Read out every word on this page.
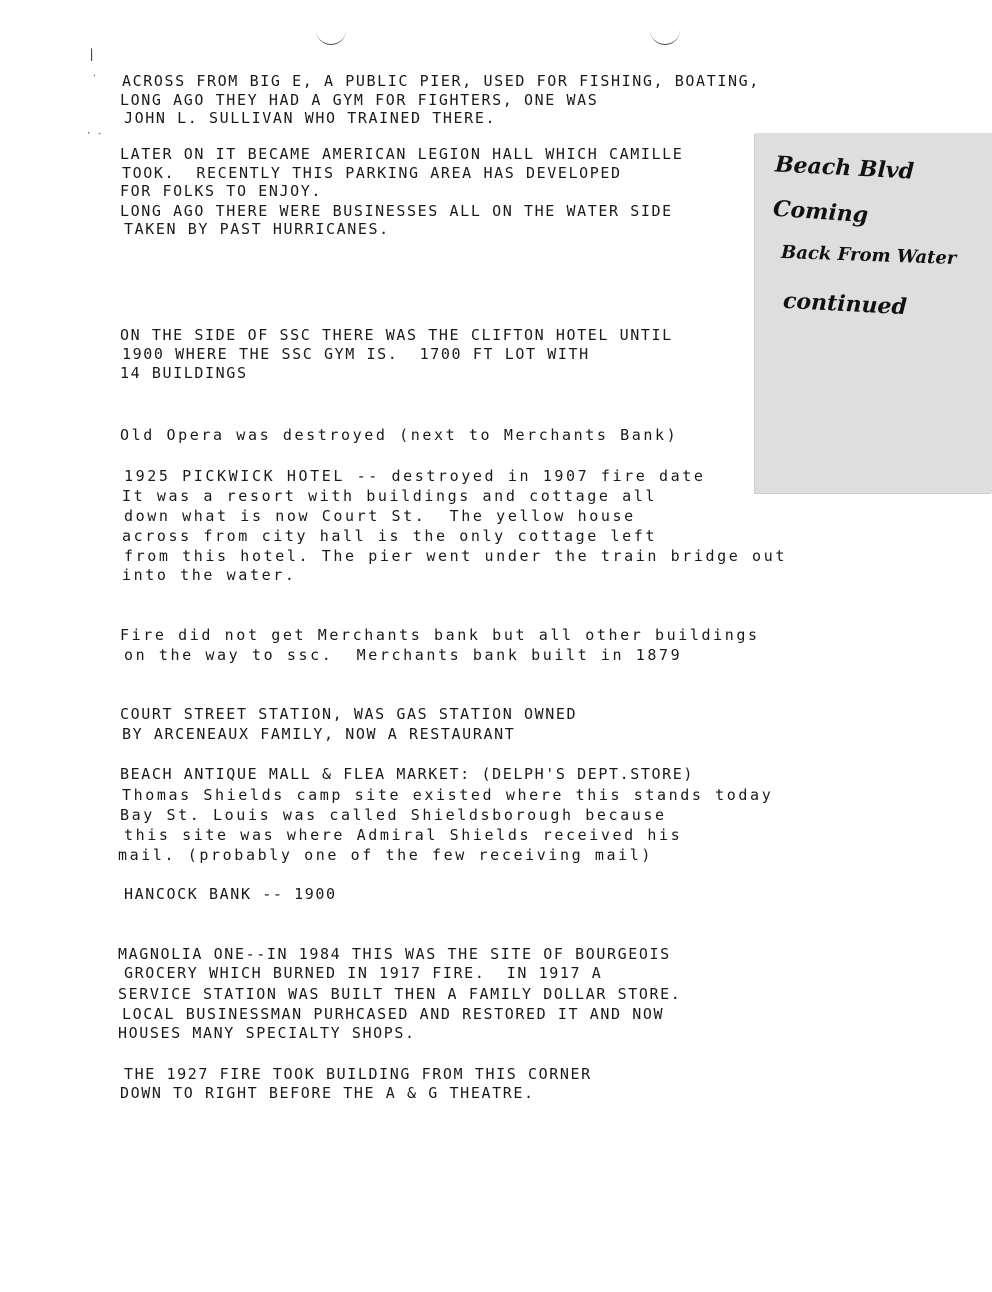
|
·
· -
ACROSS FROM BIG E, A PUBLIC PIER, USED FOR FISHING, BOATING,
LONG AGO THEY HAD A GYM FOR FIGHTERS, ONE WAS
JOHN L. SULLIVAN WHO TRAINED THERE.
LATER ON IT BECAME AMERICAN LEGION HALL WHICH CAMILLE
TOOK.  RECENTLY THIS PARKING AREA HAS DEVELOPED
FOR FOLKS TO ENJOY.
LONG AGO THERE WERE BUSINESSES ALL ON THE WATER SIDE
TAKEN BY PAST HURRICANES.
ON THE SIDE OF SSC THERE WAS THE CLIFTON HOTEL UNTIL
1900 WHERE THE SSC GYM IS.  1700 FT LOT WITH
14 BUILDINGS
Old Opera was destroyed (next to Merchants Bank)
1925 PICKWICK HOTEL -- destroyed in 1907 fire date
It was a resort with buildings and cottage all
down what is now Court St.  The yellow house
across from city hall is the only cottage left
from this hotel. The pier went under the train bridge out
into the water.
Fire did not get Merchants bank but all other buildings
on the way to ssc.  Merchants bank built in 1879
COURT STREET STATION, WAS GAS STATION OWNED
BY ARCENEAUX FAMILY, NOW A RESTAURANT
BEACH ANTIQUE MALL & FLEA MARKET: (DELPH'S DEPT.STORE)
Thomas Shields camp site existed where this stands today
Bay St. Louis was called Shieldsborough because
this site was where Admiral Shields received his
mail. (probably one of the few receiving mail)
HANCOCK BANK -- 1900
MAGNOLIA ONE--IN 1984 THIS WAS THE SITE OF BOURGEOIS
GROCERY WHICH BURNED IN 1917 FIRE.  IN 1917 A
SERVICE STATION WAS BUILT THEN A FAMILY DOLLAR STORE.
LOCAL BUSINESSMAN PURHCASED AND RESTORED IT AND NOW
HOUSES MANY SPECIALTY SHOPS.
THE 1927 FIRE TOOK BUILDING FROM THIS CORNER
DOWN TO RIGHT BEFORE THE A & G THEATRE.
Beach Blvd
Coming
Back From Water
continued
